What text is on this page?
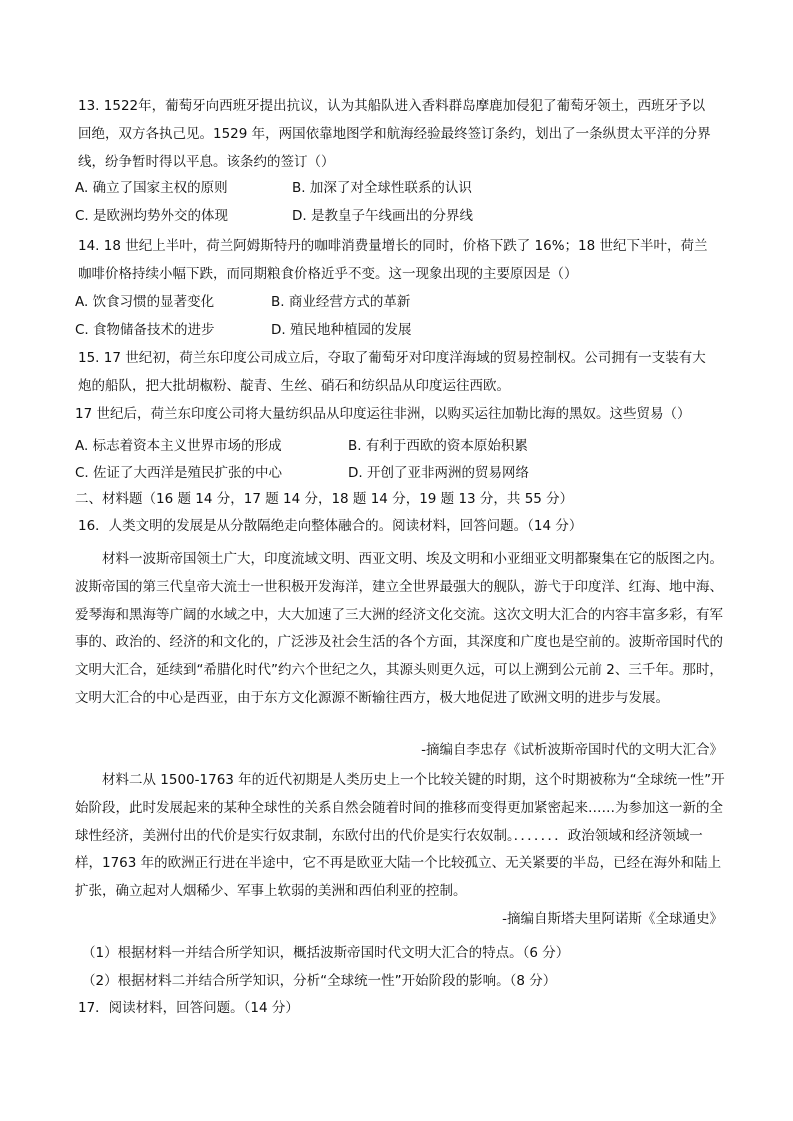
13. 1522年，葡萄牙向西班牙提出抗议，认为其船队进入香料群岛摩鹿加侵犯了葡萄牙领土，西班牙予以
回绝，双方各执己见。1529 年，两国依靠地图学和航海经验最终签订条约，划出了一条纵贯太平洋的分界
线，纷争暂时得以平息。该条约的签订（）
A. 确立了国家主权的原则	B. 加深了对全球性联系的认识
C. 是欧洲均势外交的体现	D. 是教皇子午线画出的分界线
14. 18 世纪上半叶，荷兰阿姆斯特丹的咖啡消费量增长的同时，价格下跌了 16%；18 世纪下半叶，荷兰
咖啡价格持续小幅下跌，而同期粮食价格近乎不变。这一现象出现的主要原因是（）
A. 饮食习惯的显著变化	B. 商业经营方式的革新
C. 食物储备技术的进步	D. 殖民地种植园的发展
15. 17 世纪初，荷兰东印度公司成立后，夺取了葡萄牙对印度洋海域的贸易控制权。公司拥有一支装有大
炮的船队，把大批胡椒粉、靛青、生丝、硝石和纺织品从印度运往西欧。
17 世纪后，荷兰东印度公司将大量纺织品从印度运往非洲，以购买运往加勒比海的黑奴。这些贸易（）
A. 标志着资本主义世界市场的形成	B. 有利于西欧的资本原始积累
C. 佐证了大西洋是殖民扩张的中心	D. 开创了亚非两洲的贸易网络
二、材料题（16 题 14 分，17 题 14 分，18 题 14 分，19 题 13 分，共 55 分）
16．人类文明的发展是从分散隔绝走向整体融合的。阅读材料，回答问题。（14 分）
材料一波斯帝国领土广大，印度流域文明、西亚文明、埃及文明和小亚细亚文明都聚集在它的版图之内。波斯帝国的第三代皇帝大流士一世积极开发海洋，建立全世界最强大的舰队，游弋于印度洋、红海、地中海、爱琴海和黑海等广阔的水域之中，大大加速了三大洲的经济文化交流。这次文明大汇合的内容丰富多彩，有军事的、政治的、经济的和文化的，广泛涉及社会生活的各个方面，其深度和广度也是空前的。波斯帝国时代的文明大汇合，延续到“希腊化时代”约六个世纪之久，其源头则更久远，可以上溯到公元前 2、三千年。那时，文明大汇合的中心是西亚，由于东方文化源源不断输往西方，极大地促进了欧洲文明的进步与发展。
-摘编自李忠存《试析波斯帝国时代的文明大汇合》
材料二从 1500-1763 年的近代初期是人类历史上一个比较关键的时期，这个时期被称为“全球统一性”开始阶段，此时发展起来的某种全球性的关系自然会随着时间的推移而变得更加紧密起来……为参加这一新的全球性经济，美洲付出的代价是实行奴隶制，东欧付出的代价是实行农奴制。．．．．．．．政治领域和经济领域一样，1763 年的欧洲正行进在半途中，它不再是欧亚大陆一个比较孤立、无关紧要的半岛，已经在海外和陆上扩张，确立起对人烟稀少、军事上软弱的美洲和西伯利亚的控制。
-摘编自斯塔夫里阿诺斯《全球通史》
（1）根据材料一并结合所学知识，概括波斯帝国时代文明大汇合的特点。（6 分）
（2）根据材料二并结合所学知识，分析“全球统一性”开始阶段的影响。（8 分）
17．阅读材料，回答问题。（14 分）
